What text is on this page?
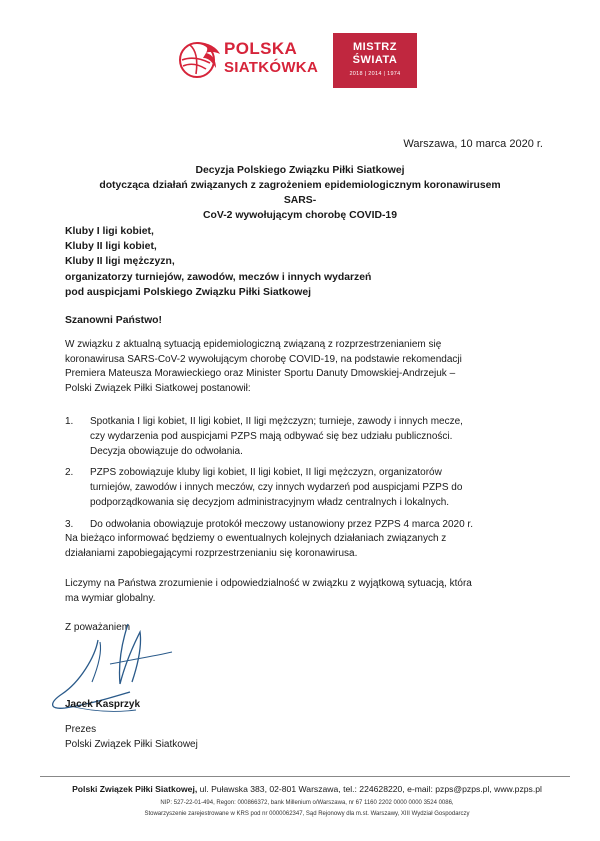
POLSKA
SIATKÓWKA
MISTRZ
ŚWIATA
2018 | 2014 | 1974
Warszawa, 10 marca 2020 r.
Decyzja Polskiego Związku Piłki Siatkowej
dotycząca działań związanych z zagrożeniem epidemiologicznym koronawirusem SARS-
CoV-2 wywołującym chorobę COVID-19
Kluby I ligi kobiet,
Kluby II ligi kobiet,
Kluby II ligi mężczyzn,
organizatorzy turniejów, zawodów, meczów i innych wydarzeń
pod auspicjami Polskiego Związku Piłki Siatkowej
Szanowni Państwo!
W związku z aktualną sytuacją epidemiologiczną związaną z rozprzestrzenianiem się
koronawirusa SARS-CoV-2 wywołującym chorobę COVID-19, na podstawie rekomendacji
Premiera Mateusza Morawieckiego oraz Minister Sportu Danuty Dmowskiej-Andrzejuk –
Polski Związek Piłki Siatkowej postanowił:
1. Spotkania I ligi kobiet, II ligi kobiet, II ligi mężczyzn; turnieje, zawody i innych mecze,
czy wydarzenia pod auspicjami PZPS mają odbywać się bez udziału publiczności.
Decyzja obowiązuje do odwołania.
2. PZPS zobowiązuje kluby ligi kobiet, II ligi kobiet, II ligi mężczyzn, organizatorów
turniejów, zawodów i innych meczów, czy innych wydarzeń pod auspicjami PZPS do
podporządkowania się decyzjom administracyjnym władz centralnych i lokalnych.
3. Do odwołania obowiązuje protokół meczowy ustanowiony przez PZPS 4 marca 2020 r.
Na bieżąco informować będziemy o ewentualnych kolejnych działaniach związanych z
działaniami zapobiegającymi rozprzestrzenianiu się koronawirusa.
Liczymy na Państwa zrozumienie i odpowiedzialność w związku z wyjątkową sytuacją, która
ma wymiar globalny.
Z poważaniem
Jacek Kasprzyk
Prezes
Polski Związek Piłki Siatkowej
Polski Związek Piłki Siatkowej, ul. Puławska 383, 02-801 Warszawa, tel.: 224628220, e-mail: pzps@pzps.pl, www.pzps.pl
NIP: 527-22-01-494, Regon: 000866372, bank Millenium o/Warszawa, nr 67 1160 2202 0000 0000 3524 0086,
Stowarzyszenie zarejestrowane w KRS pod nr 0000062347, Sąd Rejonowy dla m.st. Warszawy, XIII Wydział Gospodarczy
